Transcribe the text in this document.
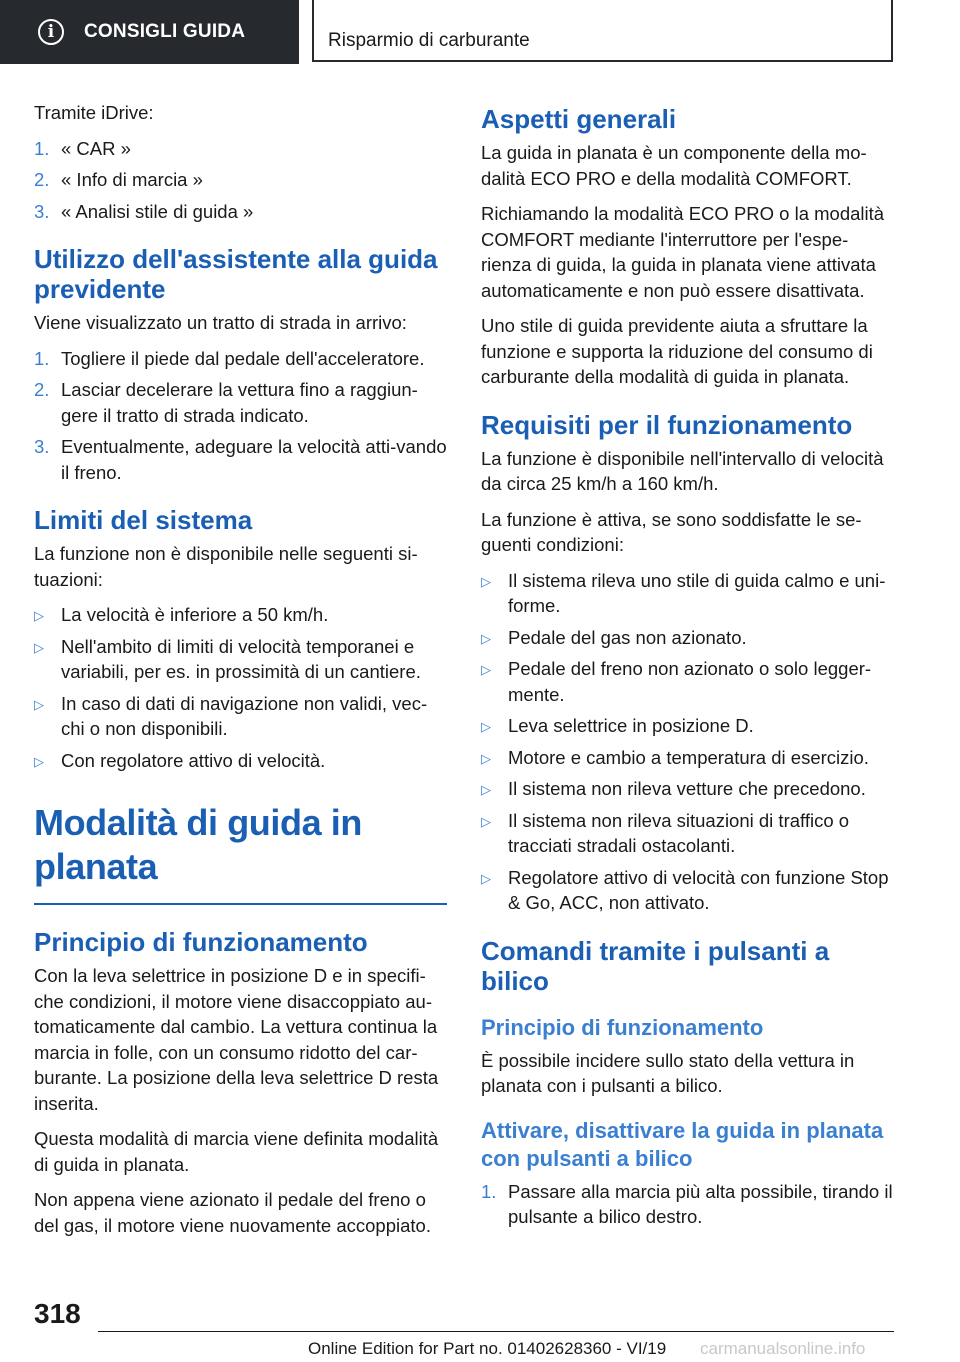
i	CONSIGLI GUIDA	Risparmio di carburante

Tramite iDrive:

1. « CAR »
2. « Info di marcia »
3. « Analisi stile di guida »
Utilizzo dell'assistente alla guida previdente

Viene visualizzato un tratto di strada in arrivo:

1. Togliere il piede dal pedale dell'acceleratore.
2. Lasciar decelerare la vettura fino a raggiun-gere il tratto di strada indicato.
3. Eventualmente, adeguare la velocità atti-vando il freno.
Limiti del sistema

La funzione non è disponibile nelle seguenti si-tuazioni:

▷ La velocità è inferiore a 50 km/h.
▷ Nell'ambito di limiti di velocità temporanei e variabili, per es. in prossimità di un cantiere.
▷ In caso di dati di navigazione non validi, vec-chi o non disponibili.
▷ Con regolatore attivo di velocità.
Modalità di guida in planata
Principio di funzionamento

Con la leva selettrice in posizione D e in specifi-che condizioni, il motore viene disaccoppiato au-tomaticamente dal cambio. La vettura continua la marcia in folle, con un consumo ridotto del car-burante. La posizione della leva selettrice D resta inserita.

Questa modalità di marcia viene definita modalità di guida in planata.

Non appena viene azionato il pedale del freno o del gas, il motore viene nuovamente accoppiato.

Aspetti generali

La guida in planata è un componente della mo-dalità ECO PRO e della modalità COMFORT.

Richiamando la modalità ECO PRO o la modalità COMFORT mediante l'interruttore per l'espe-rienza di guida, la guida in planata viene attivata automaticamente e non può essere disattivata.

Uno stile di guida previdente aiuta a sfruttare la funzione e supporta la riduzione del consumo di carburante della modalità di guida in planata.

Requisiti per il funzionamento

La funzione è disponibile nell'intervallo di velocità da circa 25 km/h a 160 km/h.

La funzione è attiva, se sono soddisfatte le se-guenti condizioni:

▷ Il sistema rileva uno stile di guida calmo e uni-forme.
▷ Pedale del gas non azionato.
▷ Pedale del freno non azionato o solo legger-mente.
▷ Leva selettrice in posizione D.
▷ Motore e cambio a temperatura di esercizio.
▷ Il sistema non rileva vetture che precedono.
▷ Il sistema non rileva situazioni di traffico o tracciati stradali ostacolanti.
▷ Regolatore attivo di velocità con funzione Stop & Go, ACC, non attivato.
Comandi tramite i pulsanti a bilico
Principio di funzionamento

È possibile incidere sullo stato della vettura in planata con i pulsanti a bilico.

Attivare, disattivare la guida in planata con pulsanti a bilico
1. Passare alla marcia più alta possibile, tirando il pulsante a bilico destro.
318
Online Edition for Part no. 01402628360 - VI/19 carmanualsonline.info
